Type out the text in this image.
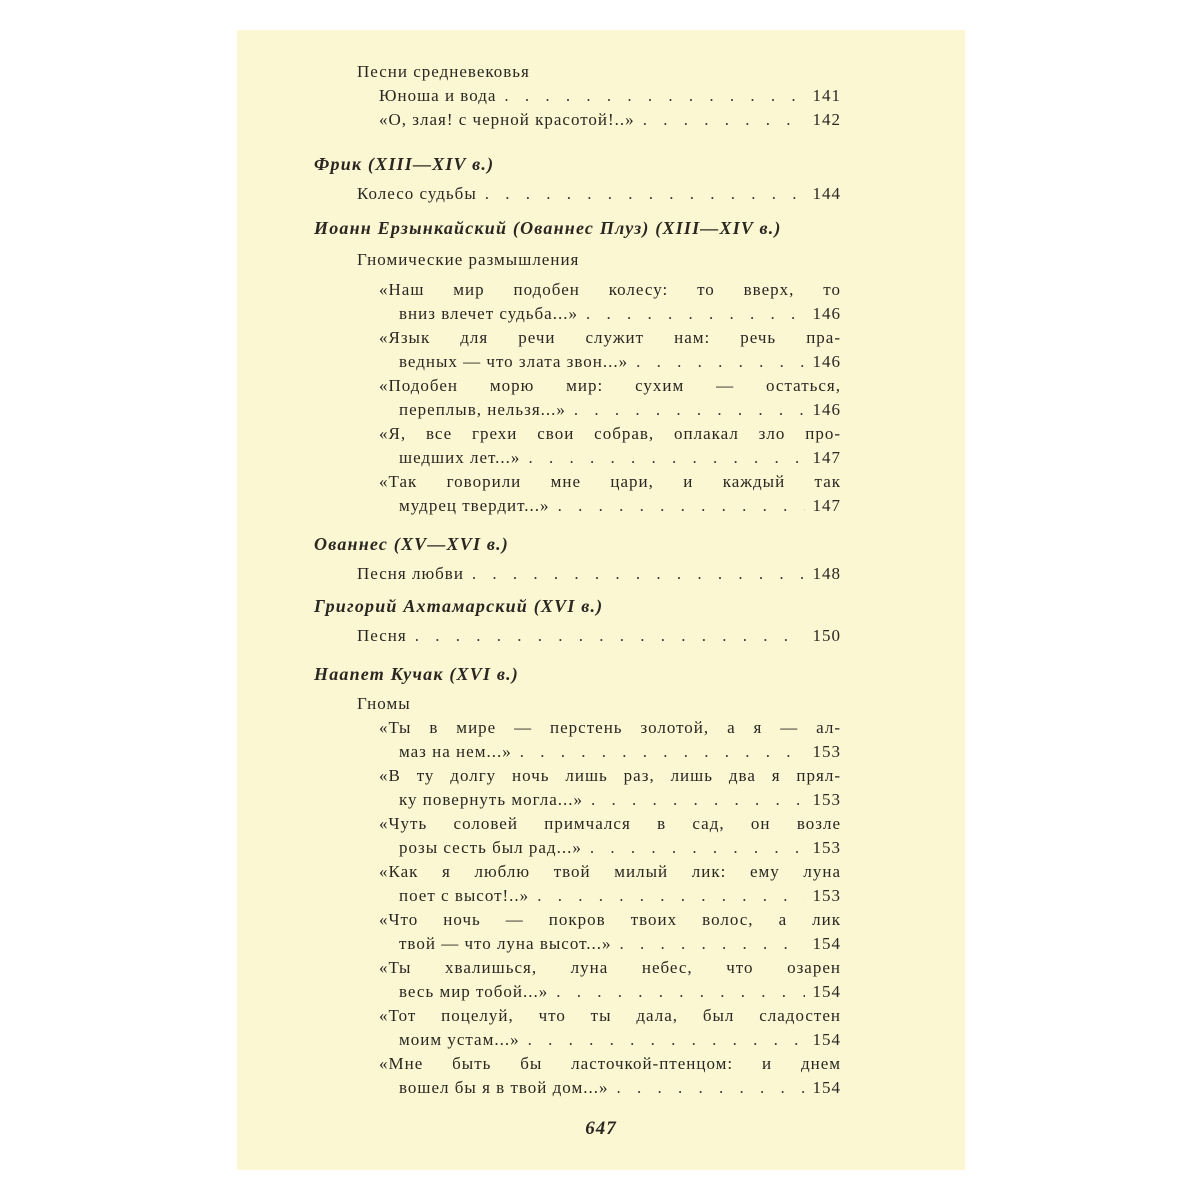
Песни средневековья
Юноша и вода . . .	141
«О, злая! с черной красотой!..» . . .	142
Фрик (XIII—XIV в.)
Колесо судьбы . . .	144
Иоанн Ерзынкайский (Ованнес Плуз) (XIII—XIV в.)
Гномические размышления
«Наш мир подобен колесу: то вверх, то
вниз влечет судьба...» . . .	146
«Язык для речи служит нам: речь пра-
ведных — что злата звон...» . . .	146
«Подобен морю мир: сухим — остаться,
переплыв, нельзя...» . . .	146
«Я, все грехи свои собрав, оплакал зло про-
шедших лет...» . . .	147
«Так говорили мне цари, и каждый так
мудрец твердит...» . . .	147
Ованнес (XV—XVI в.)
Песня любви . . .	148
Григорий Ахтамарский (XVI в.)
Песня . . .	150
Наапет Кучак (XVI в.)
Гномы
«Ты в мире — перстень золотой, а я — ал-
маз на нем...» . . .	153
«В ту долгу ночь лишь раз, лишь два я прял-
ку повернуть могла...» . . .	153
«Чуть соловей примчался в сад, он возле
розы сесть был рад...» . . .	153
«Как я люблю твой милый лик: ему луна
поет с высот!..» . . .	153
«Что ночь — покров твоих волос, а лик
твой — что луна высот...» . . .	154
«Ты хвалишься, луна небес, что озарен
весь мир тобой...» . . .	154
«Тот поцелуй, что ты дала, был сладостен
моим устам...» . . .	154
«Мне быть бы ласточкой-птенцом: и днем
вошел бы я в твой дом...» . . .	154
647
